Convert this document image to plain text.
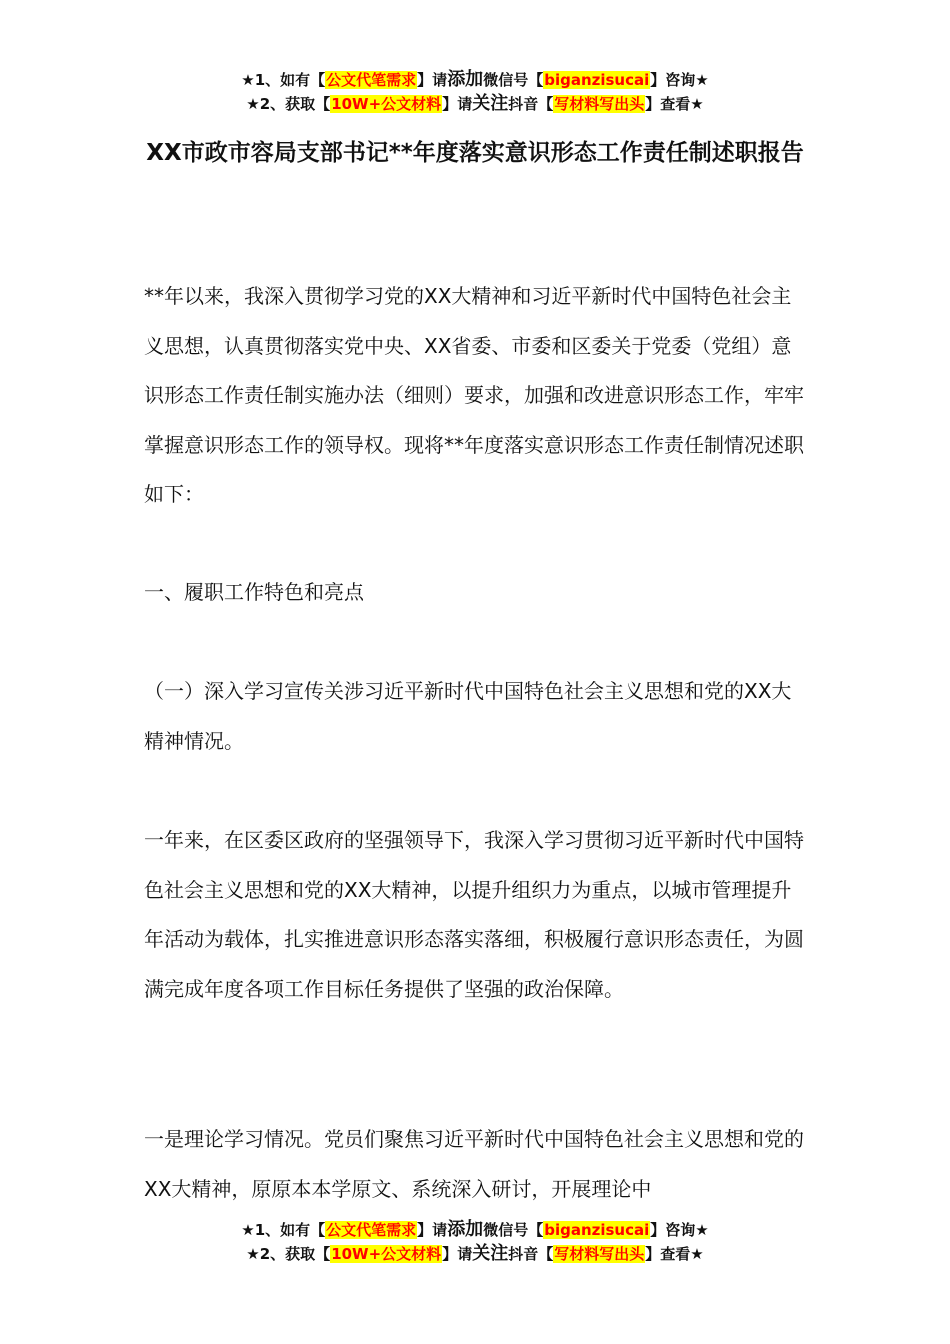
★1、如有【公文代笔需求】请添加微信号【biganzisucai】咨询★
★2、获取【10W+公文材料】请关注抖音【写材料写出头】查看★
XX市政市容局支部书记**年度落实意识形态工作责任制述职报告

**年以来，我深入贯彻学习党的XX大精神和习近平新时代中国特色社会主义思想，认真贯彻落实党中央、XX省委、市委和区委关于党委（党组）意识形态工作责任制实施办法（细则）要求，加强和改进意识形态工作，牢牢掌握意识形态工作的领导权。现将**年度落实意识形态工作责任制情况述职如下：

一、履职工作特色和亮点

（一）深入学习宣传关涉习近平新时代中国特色社会主义思想和党的XX大精神情况。

一年来，在区委区政府的坚强领导下，我深入学习贯彻习近平新时代中国特色社会主义思想和党的XX大精神，以提升组织力为重点，以城市管理提升年活动为载体，扎实推进意识形态落实落细，积极履行意识形态责任，为圆满完成年度各项工作目标任务提供了坚强的政治保障。

一是理论学习情况。党员们聚焦习近平新时代中国特色社会主义思想和党的XX大精神，原原本本学原文、系统深入研讨，开展理论中

★1、如有【公文代笔需求】请添加微信号【biganzisucai】咨询★
★2、获取【10W+公文材料】请关注抖音【写材料写出头】查看★
